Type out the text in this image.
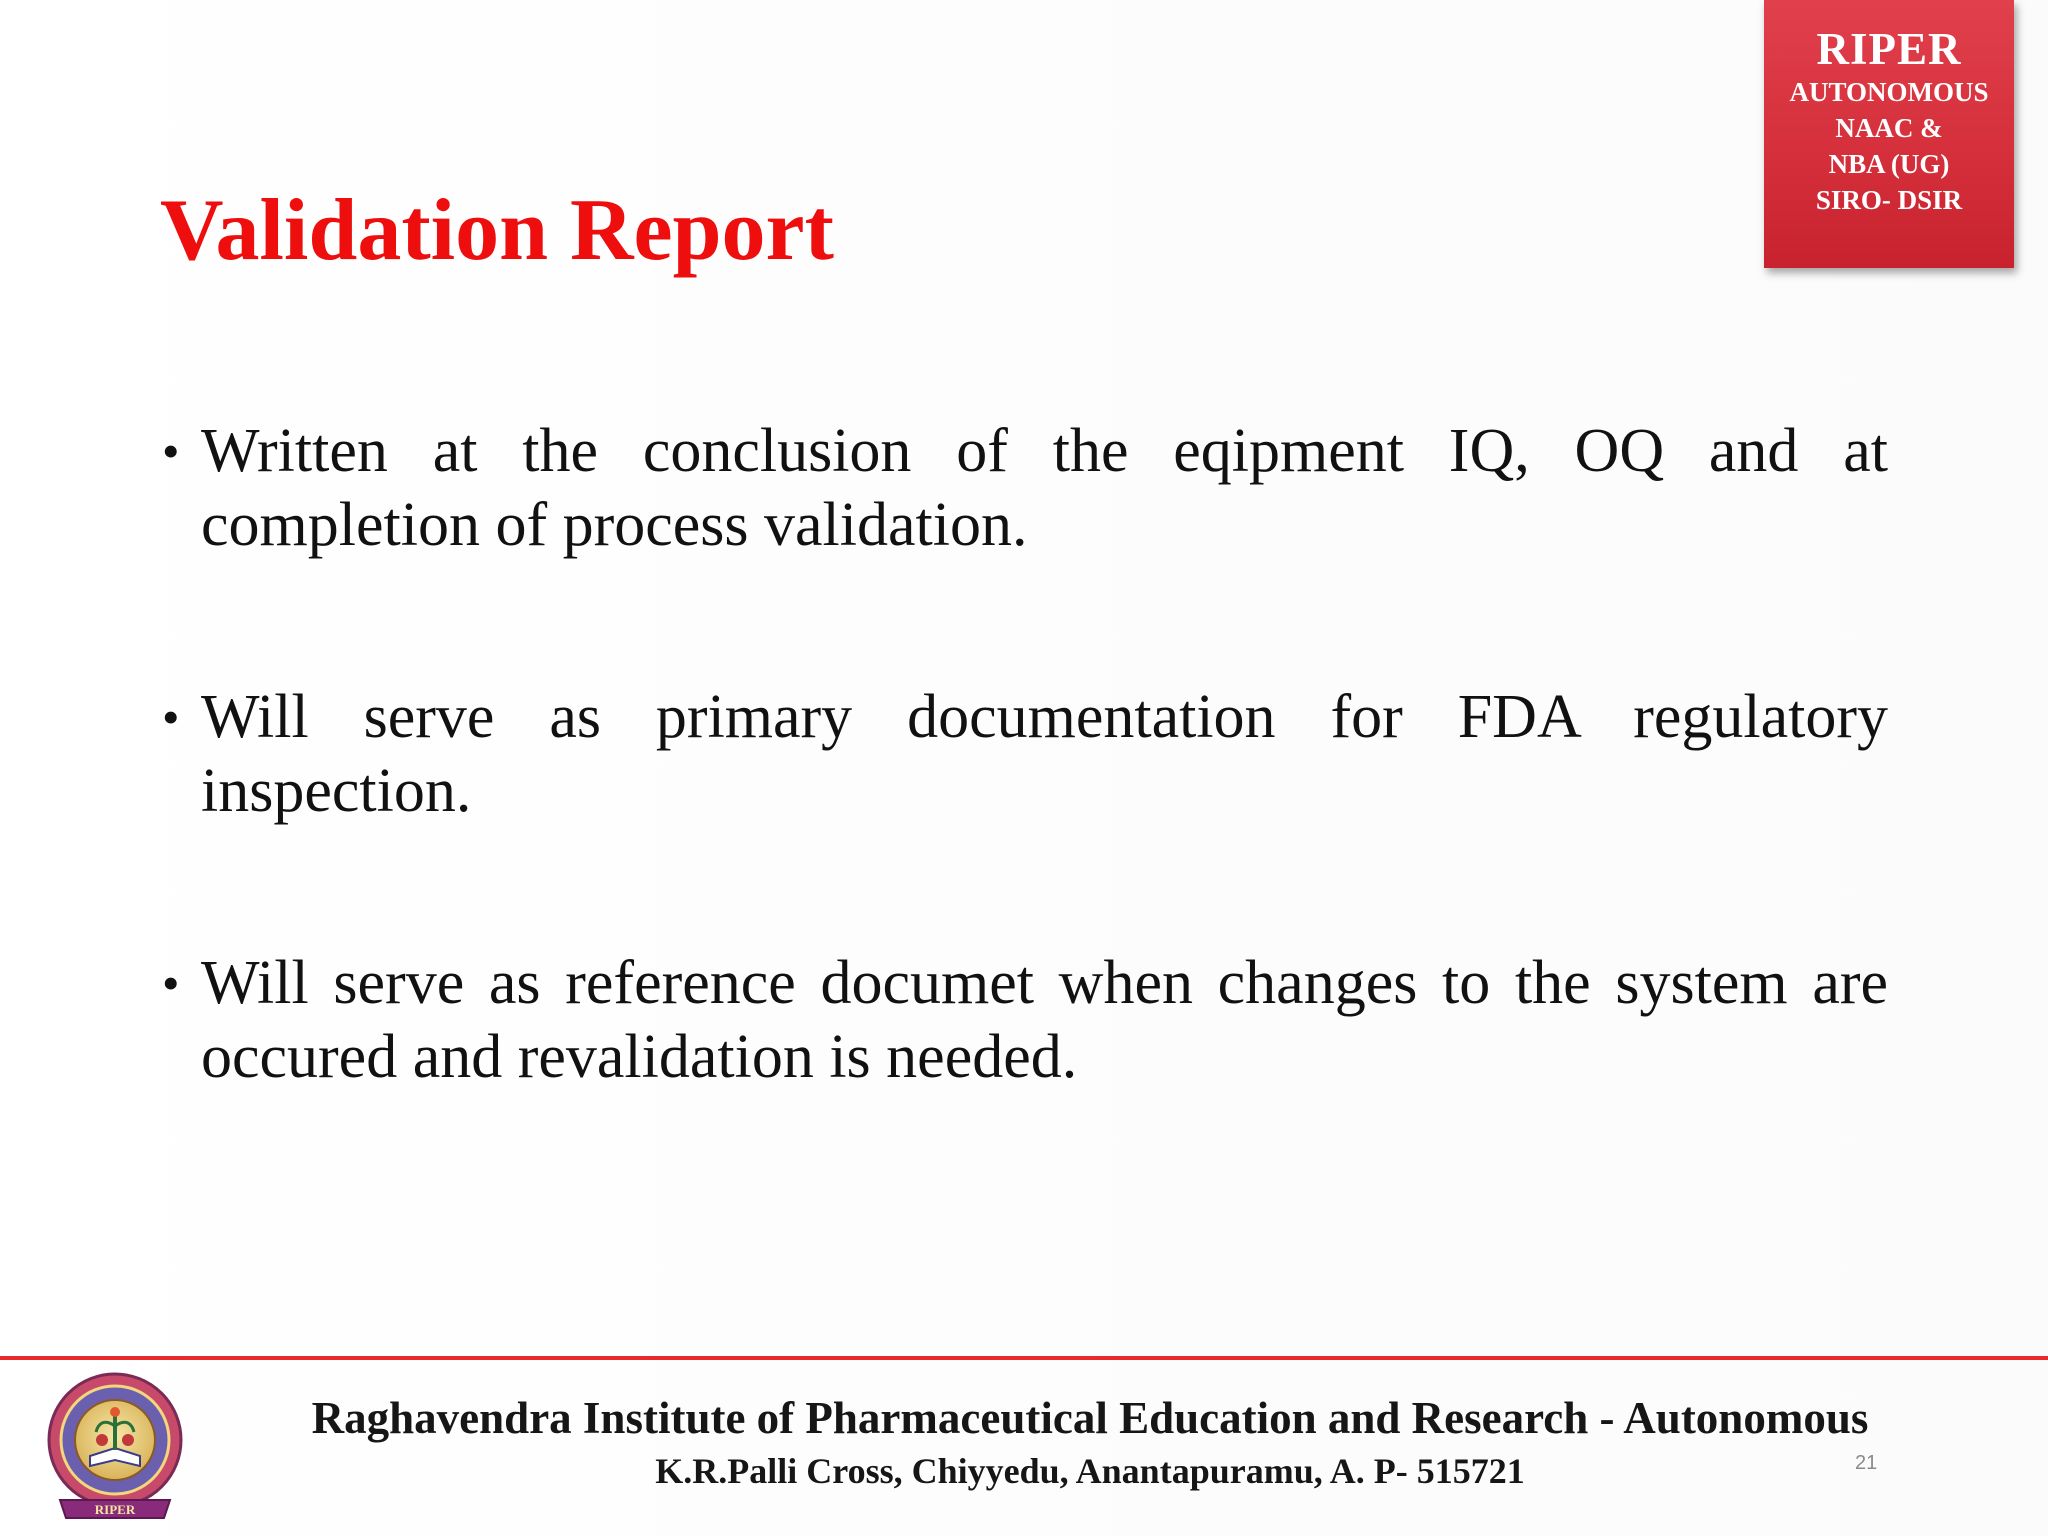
RIPER
AUTONOMOUS
NAAC &
NBA (UG)
SIRO- DSIR
Validation Report
• Written at the conclusion of the eqipment IQ, OQ and at completion of process validation.
• Will serve as primary documentation for FDA regulatory inspection.
• Will serve as reference documet when changes to the system are occured and revalidation is needed.
RIPER
Raghavendra Institute of Pharmaceutical Education and Research - Autonomous
K.R.Palli Cross, Chiyyedu, Anantapuramu, A. P- 515721	21
